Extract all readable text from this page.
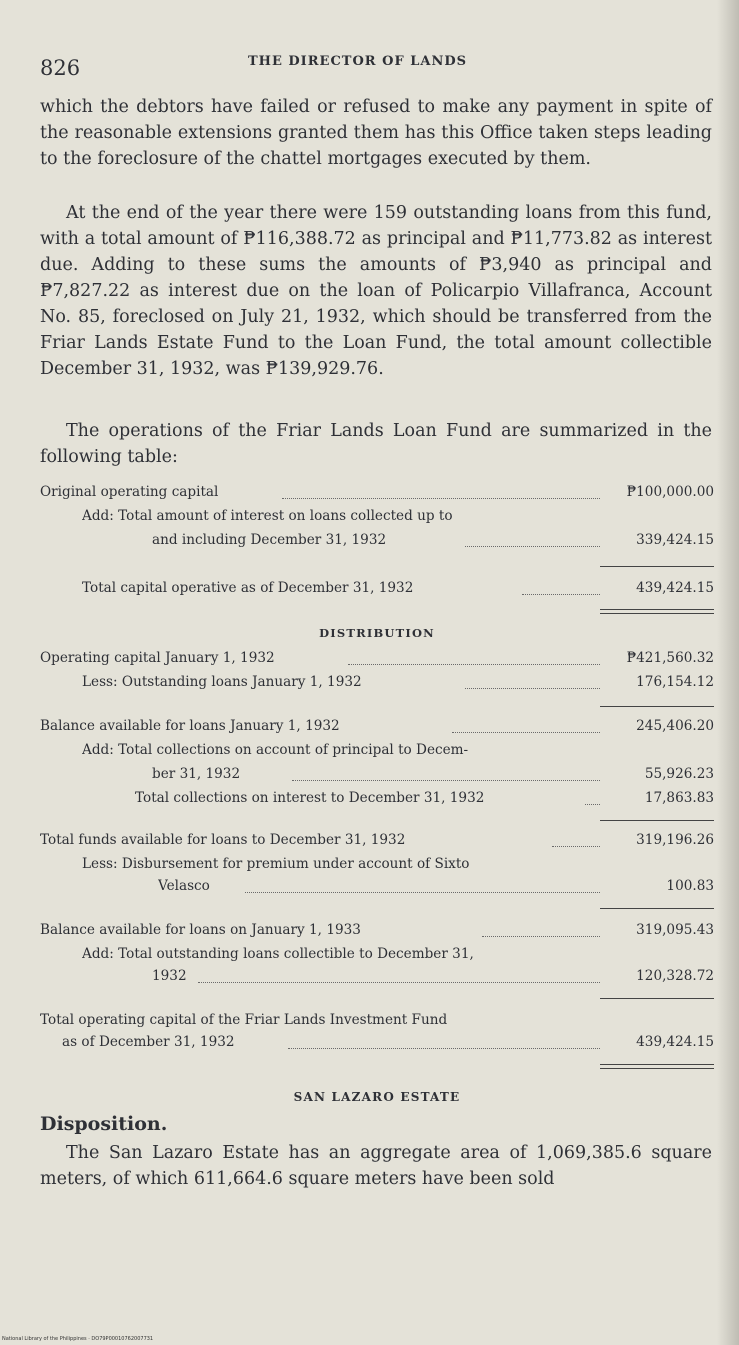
826	THE DIRECTOR OF LANDS

which the debtors have failed or refused to make any payment in spite of the reasonable extensions granted them has this Office taken steps leading to the foreclosure of the chattel mortgages executed by them.

At the end of the year there were 159 outstanding loans from this fund, with a total amount of ₱116,388.72 as principal and ₱11,773.82 as interest due. Adding to these sums the amounts of ₱3,940 as principal and ₱7,827.22 as interest due on the loan of Policarpio Villafranca, Account No. 85, foreclosed on July 21, 1932, which should be transferred from the Friar Lands Estate Fund to the Loan Fund, the total amount collectible December 31, 1932, was ₱139,929.76.

The operations of the Friar Lands Loan Fund are summarized in the following table:

Original operating capital	₱100,000.00
Add: Total amount of interest on loans collected up to
and including December 31, 1932	339,424.15
Total capital operative as of December 31, 1932	439,424.15
DISTRIBUTION
Operating capital January 1, 1932	₱421,560.32
Less: Outstanding loans January 1, 1932	176,154.12
Balance available for loans January 1, 1932	245,406.20
Add: Total collections on account of principal to Decem-
ber 31, 1932	55,926.23
Total collections on interest to December 31, 1932	17,863.83
Total funds available for loans to December 31, 1932	319,196.26
Less: Disbursement for premium under account of Sixto
Velasco	100.83
Balance available for loans on January 1, 1933	319,095.43
Add: Total outstanding loans collectible to December 31,
1932	120,328.72
Total operating capital of the Friar Lands Investment Fund
as of December 31, 1932	439,424.15
SAN LAZARO ESTATE
Disposition.

The San Lazaro Estate has an aggregate area of 1,069,385.6 square meters, of which 611,664.6 square meters have been sold

National Library of the Philippines · DO79P00010762007731
